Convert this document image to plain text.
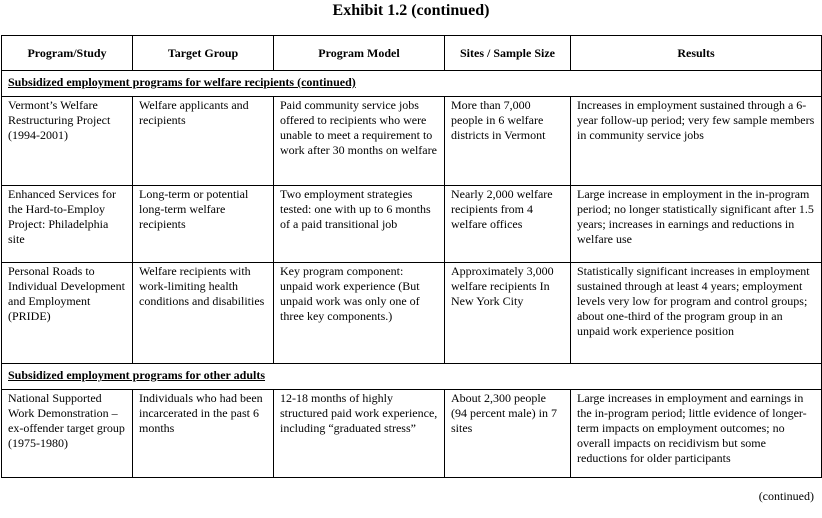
Exhibit 1.2 (continued)
Program/Study	Target Group	Program Model	Sites / Sample Size	Results
Subsidized employment programs for welfare recipients (continued)				
Vermont’s Welfare Restructuring Project (1994-2001)	Welfare applicants and recipients	Paid community service jobs offered to recipients who were unable to meet a requirement to work after 30 months on welfare	More than 7,000 people in 6 welfare districts in Vermont	Increases in employment sustained through a 6-year follow-up period; very few sample members in community service jobs
Enhanced Services for the Hard-to-Employ Project: Philadelphia site	Long-term or potential long-term welfare recipients	Two employment strategies tested: one with up to 6 months of a paid transitional job	Nearly 2,000 welfare recipients from 4 welfare offices	Large increase in employment in the in-program period; no longer statistically significant after 1.5 years; increases in earnings and reductions in welfare use
Personal Roads to Individual Development and Employment (PRIDE)	Welfare recipients with work-limiting health conditions and disabilities	Key program component: unpaid work experience (But unpaid work was only one of three key components.)	Approximately 3,000 welfare recipients In New York City	Statistically significant increases in employment sustained through at least 4 years; employment levels very low for program and control groups; about one-third of the program group in an unpaid work experience position
Subsidized employment programs for other adults				
National Supported Work Demonstration – ex-offender target group (1975-1980)	Individuals who had been incarcerated in the past 6 months	12-18 months of highly structured paid work experience, including “graduated stress”	About 2,300 people (94 percent male) in 7 sites	Large increases in employment and earnings in the in-program period; little evidence of longer-term impacts on employment outcomes; no overall impacts on recidivism but some reductions for older participants
(continued)
